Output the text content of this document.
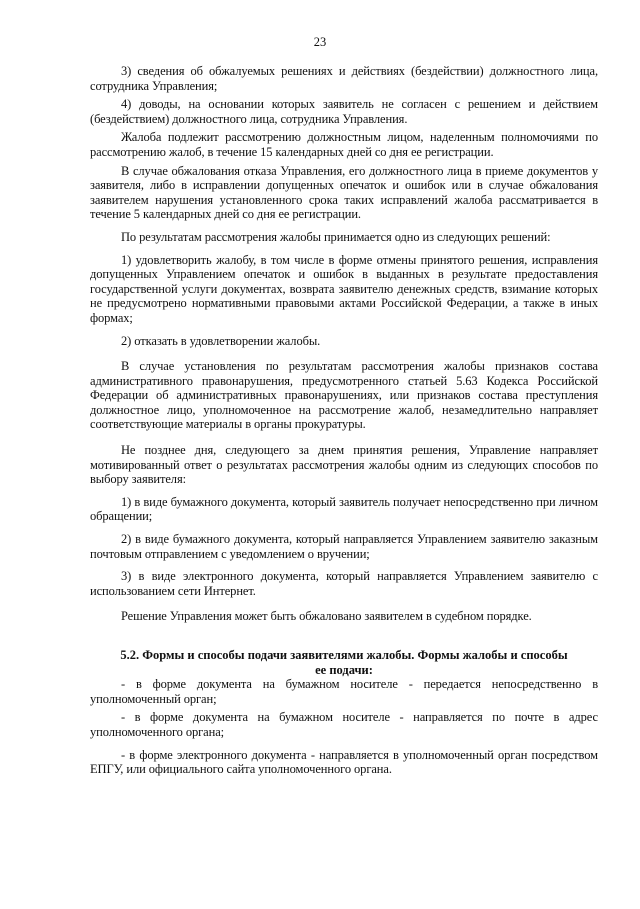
23

3) сведения об обжалуемых решениях и действиях (бездействии) должностного лица, сотрудника Управления;

4) доводы, на основании которых заявитель не согласен с решением и действием (бездействием) должностного лица, сотрудника Управления.

Жалоба подлежит рассмотрению должностным лицом, наделенным полномочиями по рассмотрению жалоб, в течение 15 календарных дней со дня ее регистрации.

В случае обжалования отказа Управления, его должностного лица в приеме документов у заявителя, либо в исправлении допущенных опечаток и ошибок или в случае обжалования заявителем нарушения установленного срока таких исправлений жалоба рассматривается в течение 5 календарных дней со дня ее регистрации.

По результатам рассмотрения жалобы принимается одно из следующих решений:

1) удовлетворить жалобу, в том числе в форме отмены принятого решения, исправления допущенных Управлением опечаток и ошибок в выданных в результате предоставления государственной услуги документах, возврата заявителю денежных средств, взимание которых не предусмотрено нормативными правовыми актами Российской Федерации, а также в иных формах;

2) отказать в удовлетворении жалобы.

В случае установления по результатам рассмотрения жалобы признаков состава административного правонарушения, предусмотренного статьей 5.63 Кодекса Российской Федерации об административных правонарушениях, или признаков состава преступления должностное лицо, уполномоченное на рассмотрение жалоб, незамедлительно направляет соответствующие материалы в органы прокуратуры.

Не позднее дня, следующего за днем принятия решения, Управление направляет мотивированный ответ о результатах рассмотрения жалобы одним из следующих способов по выбору заявителя:

1) в виде бумажного документа, который заявитель получает непосредственно при личном обращении;

2) в виде бумажного документа, который направляется Управлением заявителю заказным почтовым отправлением с уведомлением о вручении;

3) в виде электронного документа, который направляется Управлением заявителю с использованием сети Интернет.

Решение Управления может быть обжаловано заявителем в судебном порядке.

5.2. Формы и способы подачи заявителями жалобы. Формы жалобы и способы

ее подачи:

- в форме документа на бумажном носителе - передается непосредственно в уполномоченный орган;

- в форме документа на бумажном носителе - направляется по почте в адрес уполномоченного органа;

- в форме электронного документа - направляется в уполномоченный орган посредством ЕПГУ, или официального сайта уполномоченного органа.
